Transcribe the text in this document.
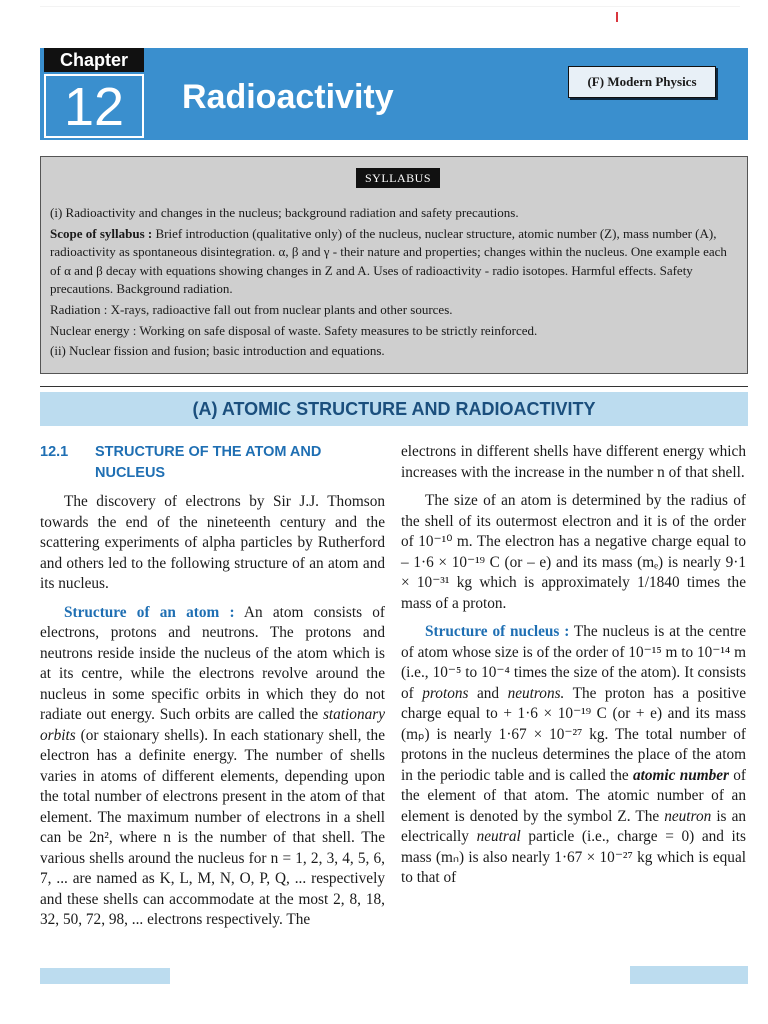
Chapter
12	Radioactivity	(F) Modern Physics
SYLLABUS

(i) Radioactivity and changes in the nucleus; background radiation and safety precautions.

Scope of syllabus : Brief introduction (qualitative only) of the nucleus, nuclear structure, atomic number (Z), mass number (A), radioactivity as spontaneous disintegration. α, β and γ - their nature and properties; changes within the nucleus. One example each of α and β decay with equations showing changes in Z and A. Uses of radioactivity - radio isotopes. Harmful effects. Safety precautions. Background radiation.

Radiation : X-rays, radioactive fall out from nuclear plants and other sources.

Nuclear energy : Working on safe disposal of waste. Safety measures to be strictly reinforced.

(ii) Nuclear fission and fusion; basic introduction and equations.

(A) ATOMIC STRUCTURE AND RADIOACTIVITY
12.1	STRUCTURE OF THE ATOM AND NUCLEUS

The discovery of electrons by Sir J.J. Thomson towards the end of the nineteenth century and the scattering experiments of alpha particles by Rutherford and others led to the following structure of an atom and its nucleus.

Structure of an atom : An atom consists of electrons, protons and neutrons. The protons and neutrons reside inside the nucleus of the atom which is at its centre, while the electrons revolve around the nucleus in some specific orbits in which they do not radiate out energy. Such orbits are called the stationary orbits (or staionary shells). In each stationary shell, the electron has a definite energy. The number of shells varies in atoms of different elements, depending upon the total number of electrons present in the atom of that element. The maximum number of electrons in a shell can be 2n², where n is the number of that shell. The various shells around the nucleus for n = 1, 2, 3, 4, 5, 6, 7, ... are named as K, L, M, N, O, P, Q, ... respectively and these shells can accommodate at the most 2, 8, 18, 32, 50, 72, 98, ... electrons respectively. The

electrons in different shells have different energy which increases with the increase in the number n of that shell.

The size of an atom is determined by the radius of the shell of its outermost electron and it is of the order of 10⁻¹⁰ m. The electron has a negative charge equal to – 1·6 × 10⁻¹⁹ C (or – e) and its mass (mₑ) is nearly 9·1 × 10⁻³¹ kg which is approximately 1/1840 times the mass of a proton.

Structure of nucleus : The nucleus is at the centre of atom whose size is of the order of 10⁻¹⁵ m to 10⁻¹⁴ m (i.e., 10⁻⁵ to 10⁻⁴ times the size of the atom). It consists of protons and neutrons. The proton has a positive charge equal to + 1·6 × 10⁻¹⁹ C (or + e) and its mass (mₚ) is nearly 1·67 × 10⁻²⁷ kg. The total number of protons in the nucleus determines the place of the atom in the periodic table and is called the atomic number of the element of that atom. The atomic number of an element is denoted by the symbol Z. The neutron is an electrically neutral particle (i.e., charge = 0) and its mass (mₙ) is also nearly 1·67 × 10⁻²⁷ kg which is equal to that of
